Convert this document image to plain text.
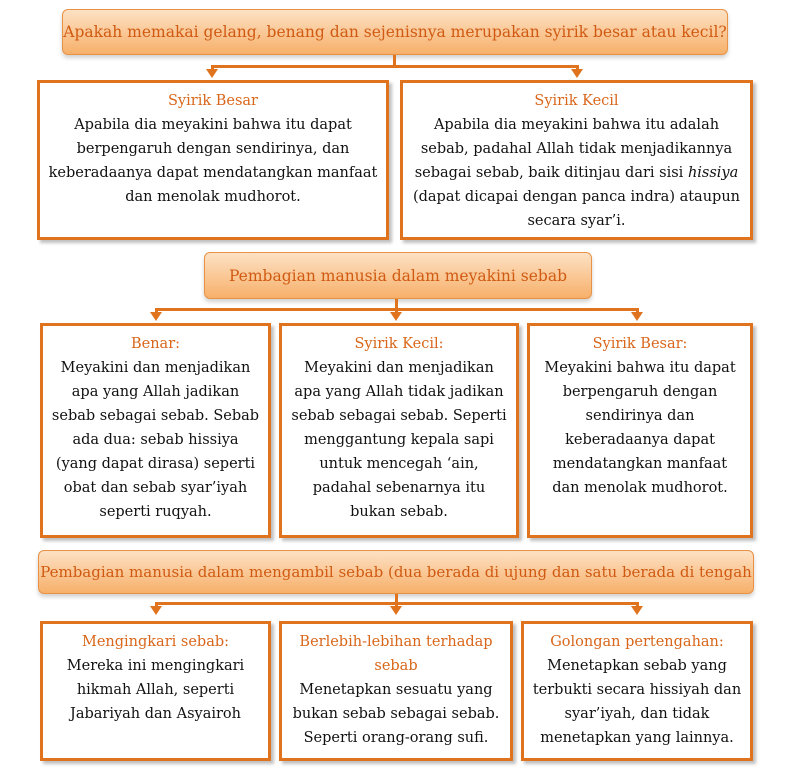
Apakah memakai gelang, benang dan sejenisnya merupakan syirik besar atau kecil?
Syirik Besar
Apabila dia meyakini bahwa itu dapat berpengaruh dengan sendirinya, dan keberadaanya dapat mendatangkan manfaat dan menolak mudhorot.
Syirik Kecil
Apabila dia meyakini bahwa itu adalah sebab, padahal Allah tidak menjadikannya sebagai sebab, baik ditinjau dari sisi hissiya (dapat dicapai dengan panca indra) ataupun secara syar’i.
Pembagian manusia dalam meyakini sebab
Benar:
Meyakini dan menjadikan apa yang Allah jadikan sebab sebagai sebab. Sebab ada dua: sebab hissiya (yang dapat dirasa) seperti obat dan sebab syar’iyah seperti ruqyah.
Syirik Kecil:
Meyakini dan menjadikan apa yang Allah tidak jadikan sebab sebagai sebab. Seperti menggantung kepala sapi untuk mencegah ‘ain, padahal sebenarnya itu bukan sebab.
Syirik Besar:
Meyakini bahwa itu dapat berpengaruh dengan sendirinya dan keberadaanya dapat mendatangkan manfaat dan menolak mudhorot.
Pembagian manusia dalam mengambil sebab (dua berada di ujung dan satu berada di tengah
Mengingkari sebab:
Mereka ini mengingkari hikmah Allah, seperti Jabariyah dan Asyairoh
Berlebih-lebihan terhadap sebab
Menetapkan sesuatu yang bukan sebab sebagai sebab. Seperti orang-orang sufi.
Golongan pertengahan:
Menetapkan sebab yang terbukti secara hissiyah dan syar’iyah, dan tidak menetapkan yang lainnya.
